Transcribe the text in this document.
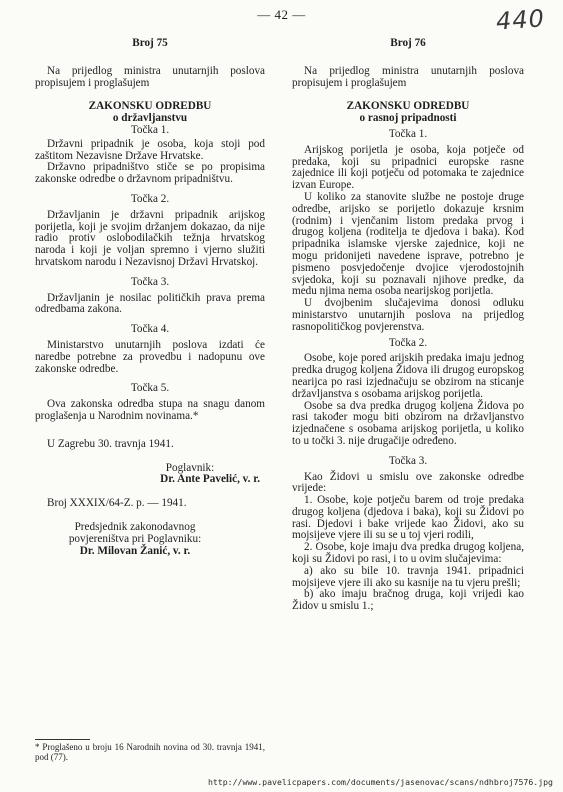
— 42 —	440

Broj 75

Na prijedlog ministra unutarnjih poslova propisujem i proglašujem

ZAKONSKU ODREDBU

o državljanstvu

Točka 1.

Državni pripadnik je osoba, koja stoji pod zaštitom Nezavisne Države Hrvatske.

Državno pripadništvo stiče se po propisima zakonske odredbe o državnom pripadništvu.

Točka 2.

Državljanin je državni pripadnik arijskog porijetla, koji je svojim držanjem dokazao, da nije radio protiv oslobodilačkih težnja hrvatskog naroda i koji je voljan spremno i vjerno služiti hrvatskom narodu i Nezavisnoj Državi Hrvatskoj.

Točka 3.

Državljanin je nosilac političkih prava prema odredbama zakona.

Točka 4.

Ministarstvo unutarnjih poslova izdati će naredbe potrebne za provedbu i nadopunu ove zakonske odredbe.

Točka 5.

Ova zakonska odredba stupa na snagu danom proglašenja u Narodnim novinama.*

U Zagrebu 30. travnja 1941.

Poglavnik:

Dr. Ante Pavelić, v. r.

Broj XXXIX/64-Z. p. — 1941.

Predsjednik zakonodavnog

povjereništva pri Poglavniku:

Dr. Milovan Žanić, v. r.

Broj 76

Na prijedlog ministra unutarnjih poslova propisujem i proglašujem

ZAKONSKU ODREDBU

o rasnoj pripadnosti

Točka 1.

Arijskog porijetla je osoba, koja potječe od predaka, koji su pripadnici europske rasne zajednice ili koji potječu od potomaka te zajednice izvan Europe.

U koliko za stanovite službe ne postoje druge odredbe, arijsko se porijetlo dokazuje krsnim (rodnim) i vjenčanim listom predaka prvog i drugog koljena (roditelja te djedova i baka). Kod pripadnika islamske vjerske zajednice, koji ne mogu pridonijeti navedene isprave, potrebno je pismeno posvjedočenje dvojice vjerodostojnih svjedoka, koji su poznavali njihove predke, da medu njima nema osoba nearijskog porijetla.

U dvojbenim slučajevima donosi odluku ministarstvo unutarnjih poslova na prijedlog rasnopolitičkog povjerenstva.

Točka 2.

Osobe, koje pored arijskih predaka imaju jednog predka drugog koljena Židova ili drugog europskog nearijca po rasi izjednačuju se obzirom na sticanje državljanstva s osobama arijskog porijetla.

Osobe sa dva predka drugog koljena Židova po rasi također mogu biti obzirom na državljanstvo izjednačene s osobama arijskog porijetla, u koliko to u točki 3. nije drugačije određeno.

Točka 3.

Kao Židovi u smislu ove zakonske odredbe vrijede:

1. Osobe, koje potječu barem od troje predaka drugog koljena (djedova i baka), koji su Židovi po rasi. Djedovi i bake vrijede kao Židovi, ako su mojsijeve vjere ili su se u toj vjeri rodili,

2. Osobe, koje imaju dva predka drugog koljena, koji su Židovi po rasi, i to u ovim slučajevima:

a) ako su bile 10. travnja 1941. pripadnici mojsijeve vjere ili ako su kasnije na tu vjeru prešli;

b) ako imaju bračnog druga, koji vrijedi kao Židov u smislu 1.;

* Proglašeno u broju 16 Narodnih novina od 30. travnja 1941, pod (77).
http://www.pavelicpapers.com/documents/jasenovac/scans/ndhbroj7576.jpg
